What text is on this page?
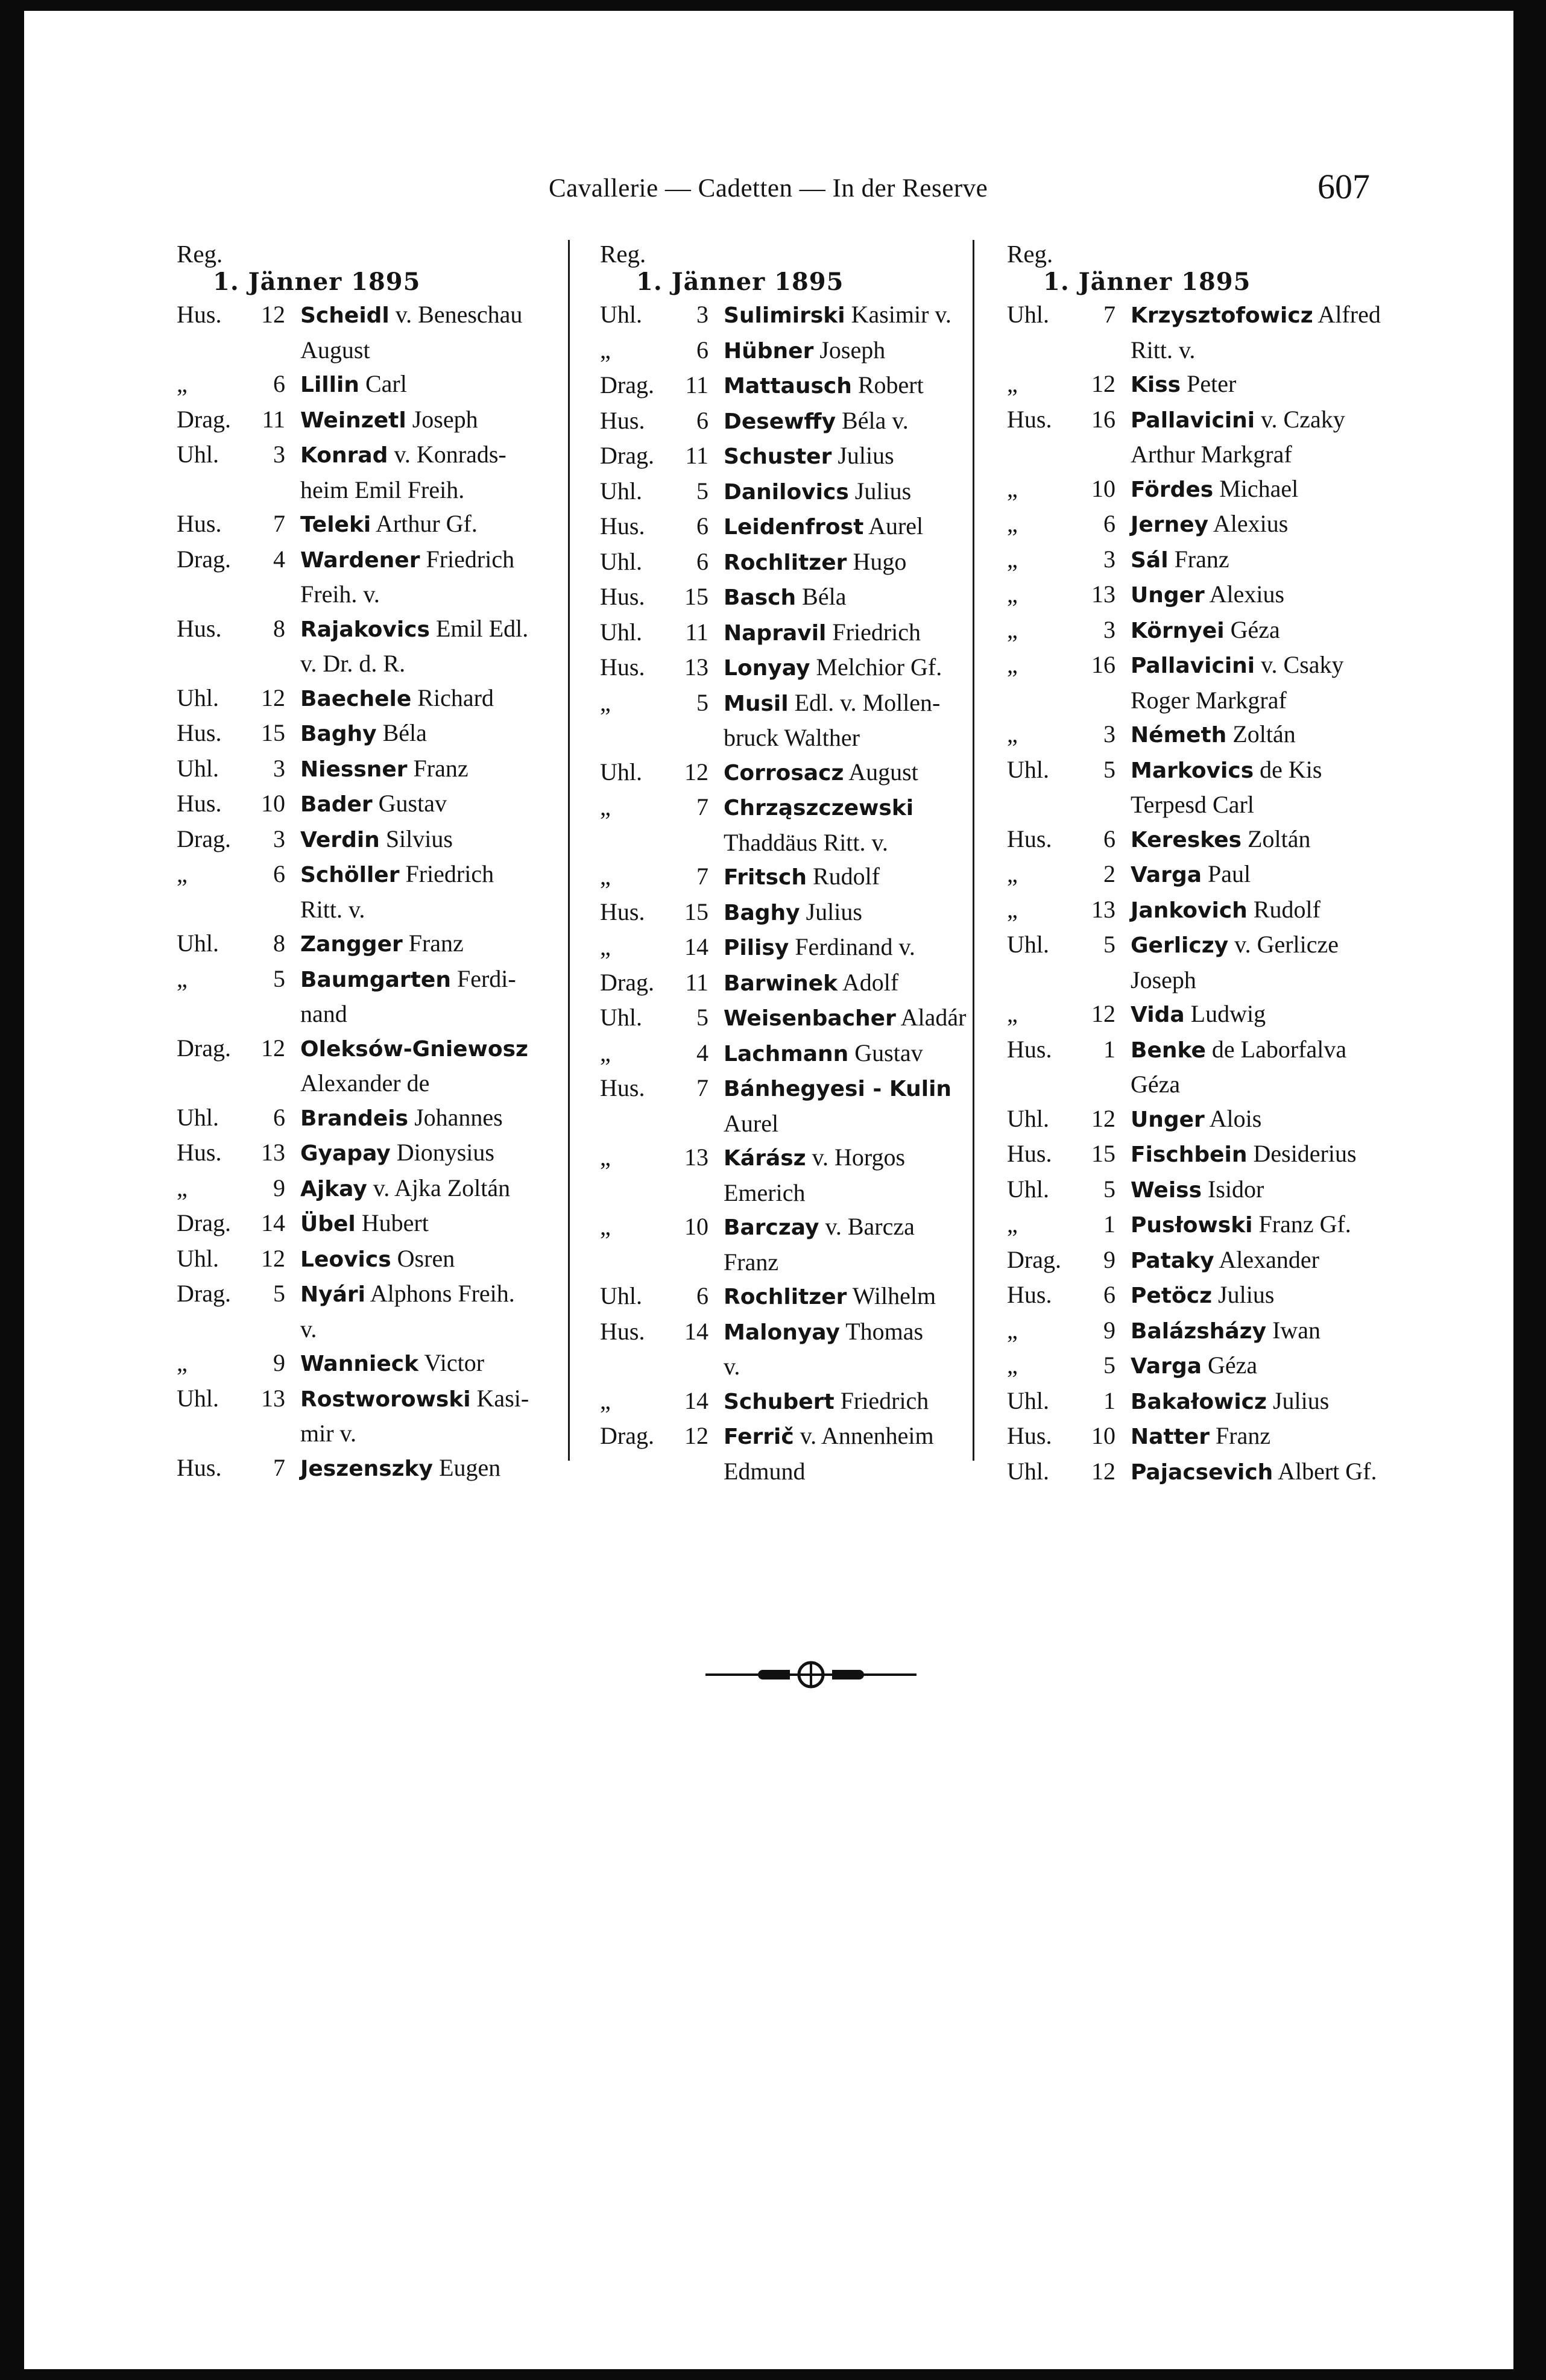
Cavallerie — Cadetten — In der Reserve	607
Reg.
1. Jänner 1895
Hus.	12 Scheidl v. Beneschau
August
„	6 Lillin Carl
Drag.	11 Weinzetl Joseph
Uhl.	3 Konrad v. Konrads-
heim Emil Freih.
Hus.	7 Teleki Arthur Gf.
Drag.	4 Wardener Friedrich
Freih. v.
Hus.	8 Rajakovics Emil Edl.
v. Dr. d. R.
Uhl.	12 Baechele Richard
Hus.	15 Baghy Béla
Uhl.	3 Niessner Franz
Hus.	10 Bader Gustav
Drag.	3 Verdin Silvius
„	6 Schöller Friedrich
Ritt. v.
Uhl.	8 Zangger Franz
„	5 Baumgarten Ferdi-
nand
Drag.	12 Oleksów-Gniewosz
Alexander de
Uhl.	6 Brandeis Johannes
Hus.	13 Gyapay Dionysius
„	9 Ajkay v. Ajka Zoltán
Drag.	14 Übel Hubert
Uhl.	12 Leovics Osren
Drag.	5 Nyári Alphons Freih.
v.
„	9 Wannieck Victor
Uhl.	13 Rostworowski Kasi-
mir v.
Hus.	7 Jeszenszky Eugen
Reg.
1. Jänner 1895
Uhl.	3 Sulimirski Kasimir v.
„	6 Hübner Joseph
Drag.	11 Mattausch Robert
Hus.	6 Desewffy Béla v.
Drag.	11 Schuster Julius
Uhl.	5 Danilovics Julius
Hus.	6 Leidenfrost Aurel
Uhl.	6 Rochlitzer Hugo
Hus.	15 Basch Béla
Uhl.	11 Napravil Friedrich
Hus.	13 Lonyay Melchior Gf.
„	5 Musil Edl. v. Mollen-
bruck Walther
Uhl.	12 Corrosacz August
„	7 Chrząszczewski
Thaddäus Ritt. v.
„	7 Fritsch Rudolf
Hus.	15 Baghy Julius
„	14 Pilisy Ferdinand v.
Drag.	11 Barwinek Adolf
Uhl.	5 Weisenbacher Aladár
„	4 Lachmann Gustav
Hus.	7 Bánhegyesi - Kulin
Aurel
„	13 Kárász v. Horgos
Emerich
„	10 Barczay v. Barcza
Franz
Uhl.	6 Rochlitzer Wilhelm
Hus.	14 Malonyay Thomas
v.
„	14 Schubert Friedrich
Drag.	12 Ferrič v. Annenheim
Edmund
Reg.
1. Jänner 1895
Uhl.	7 Krzysztofowicz Alfred
Ritt. v.
„	12 Kiss Peter
Hus.	16 Pallavicini v. Czaky
Arthur Markgraf
„	10 Fördes Michael
„	6 Jerney Alexius
„	3 Sál Franz
„	13 Unger Alexius
„	3 Környei Géza
„	16 Pallavicini v. Csaky
Roger Markgraf
„	3 Németh Zoltán
Uhl.	5 Markovics de Kis
Terpesd Carl
Hus.	6 Kereskes Zoltán
„	2 Varga Paul
„	13 Jankovich Rudolf
Uhl.	5 Gerliczy v. Gerlicze
Joseph
„	12 Vida Ludwig
Hus.	1 Benke de Laborfalva
Géza
Uhl.	12 Unger Alois
Hus.	15 Fischbein Desiderius
Uhl.	5 Weiss Isidor
„	1 Pusłowski Franz Gf.
Drag.	9 Pataky Alexander
Hus.	6 Petöcz Julius
„	9 Balázsházy Iwan
„	5 Varga Géza
Uhl.	1 Bakałowicz Julius
Hus.	10 Natter Franz
Uhl.	12 Pajacsevich Albert Gf.
